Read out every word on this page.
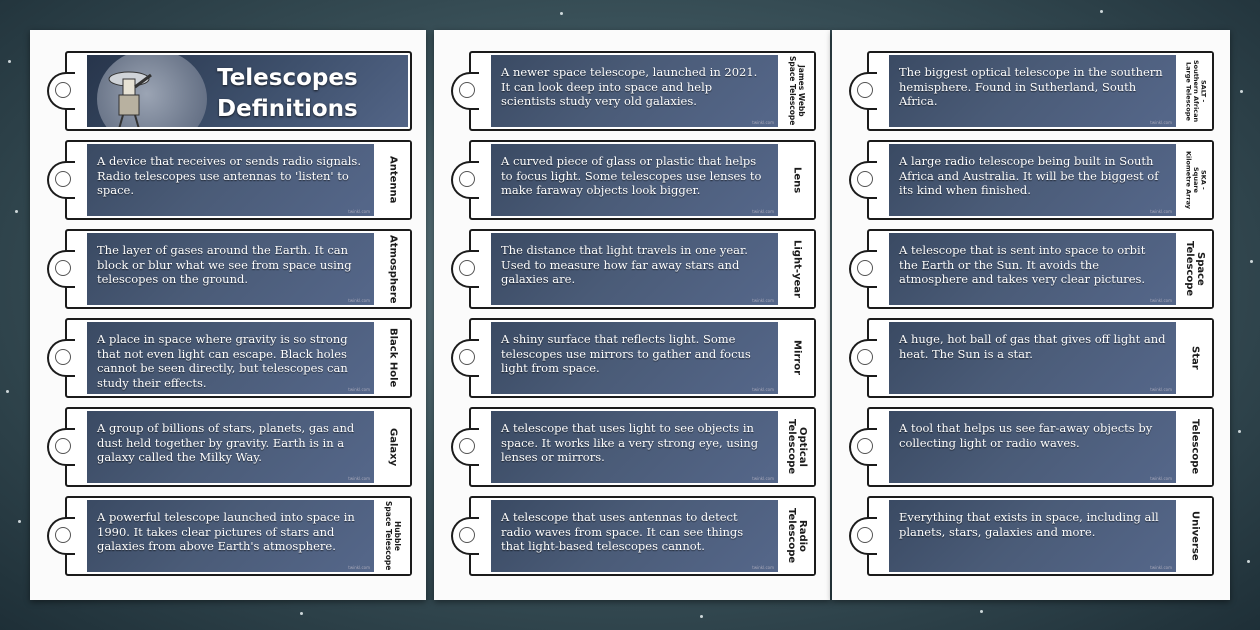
Telescopes
Definitions
A device that receives or sends radio signals. Radio telescopes use antennas to 'listen' to space.
twinkl.com
Antenna
The layer of gases around the Earth. It can block or blur what we see from space using telescopes on the ground.
twinkl.com Atmosphere
A place in space where gravity is so strong that not even light can escape. Black holes cannot be seen directly, but telescopes can study their effects.	twinkl.com
Black Hole
A group of billions of stars, planets, gas and dust held together by gravity. Earth is in a galaxy called the Milky Way.
twinkl.com
Galaxy
A powerful telescope launched into space in 1990. It takes clear pictures of stars and galaxies from above Earth's atmosphere.
twinkl.com
Hubble
Space Telescope
A newer space telescope, launched in 2021. It can look deep into space and help scientists study very old galaxies.
twinkl.com
James Webb
Space Telescope
A curved piece of glass or plastic that helps to focus light. Some telescopes use lenses to make faraway objects look bigger.
twinkl.com
Lens
The distance that light travels in one year. Used to measure how far away stars and galaxies are.
twinkl.com
Light-year
A shiny surface that reflects light. Some telescopes use mirrors to gather and focus light from space.
twinkl.com
Mirror
A telescope that uses light to see objects in space. It works like a very strong eye, using lenses or mirrors.
twinkl.com
Optical
Telescope
A telescope that uses antennas to detect radio waves from space. It can see things that light-based telescopes cannot.
twinkl.com
Radio
Telescope
The biggest optical telescope in the southern hemisphere. Found in Sutherland, South Africa.
twinkl.com
SALT -
Southern African
Large Telescope
A large radio telescope being built in South Africa and Australia. It will be the biggest of its kind when finished.
twinkl.com
SKA -
Square
Kilometre Array
A telescope that is sent into space to orbit the Earth or the Sun. It avoids the atmosphere and takes very clear pictures.
twinkl.com
Space
Telescope
A huge, hot ball of gas that gives off light and heat. The Sun is a star.
twinkl.com
Star
A tool that helps us see far-away objects by collecting light or radio waves.
twinkl.com
Telescope
Everything that exists in space, including all planets, stars, galaxies and more.
twinkl.com
Universe
